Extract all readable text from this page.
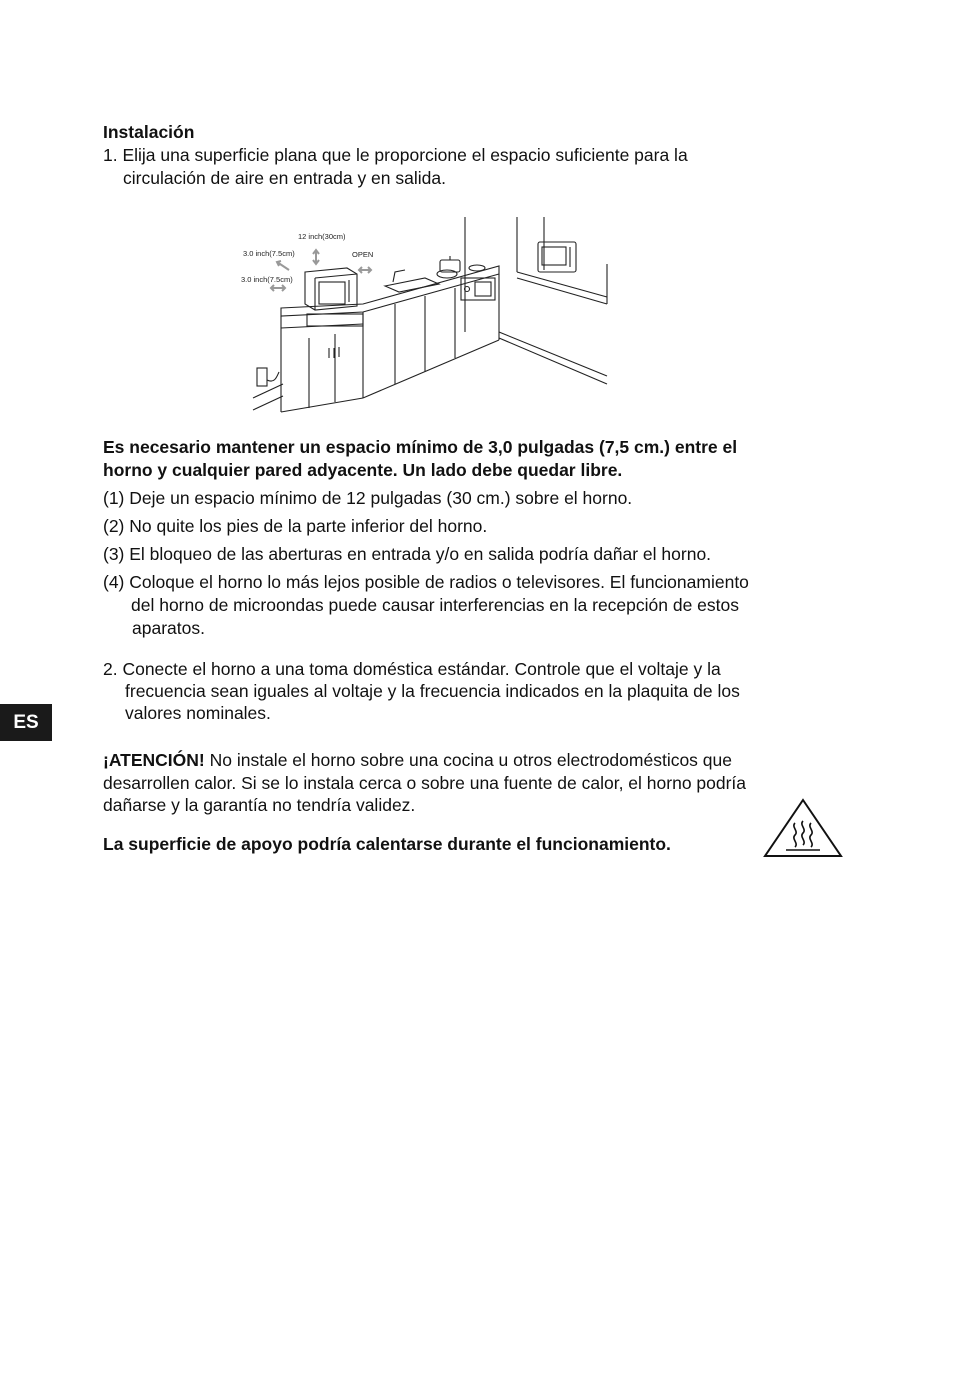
Instalación
1. Elija una superficie plana que le proporcione el espacio suficiente para la
circulación de aire en entrada y en salida.
12 inch(30cm)
3.0 inch(7.5cm)
3.0 inch(7.5cm)
OPEN
Es necesario mantener un espacio mínimo de 3,0 pulgadas (7,5 cm.) entre el
horno y cualquier pared adyacente. Un lado debe quedar libre.
(1) Deje un espacio mínimo de 12 pulgadas (30 cm.) sobre el horno.
(2) No quite los pies de la parte inferior del horno.
(3) El bloqueo de las aberturas en entrada y/o en salida podría dañar el horno.
(4) Coloque el horno lo más lejos posible de radios o televisores. El funcionamiento
del horno de microondas puede causar interferencias en la recepción de estos
aparatos.
2. Conecte el horno a una toma doméstica estándar. Controle que el voltaje y la
frecuencia sean iguales al voltaje y la frecuencia indicados en la plaquita de los
valores nominales.
ES
¡ATENCIÓN! No instale el horno sobre una cocina u otros electrodomésticos que
desarrollen calor. Si se lo instala cerca o sobre una fuente de calor, el horno podría
dañarse y la garantía no tendría validez.
La superficie de apoyo podría calentarse durante el funcionamiento.
